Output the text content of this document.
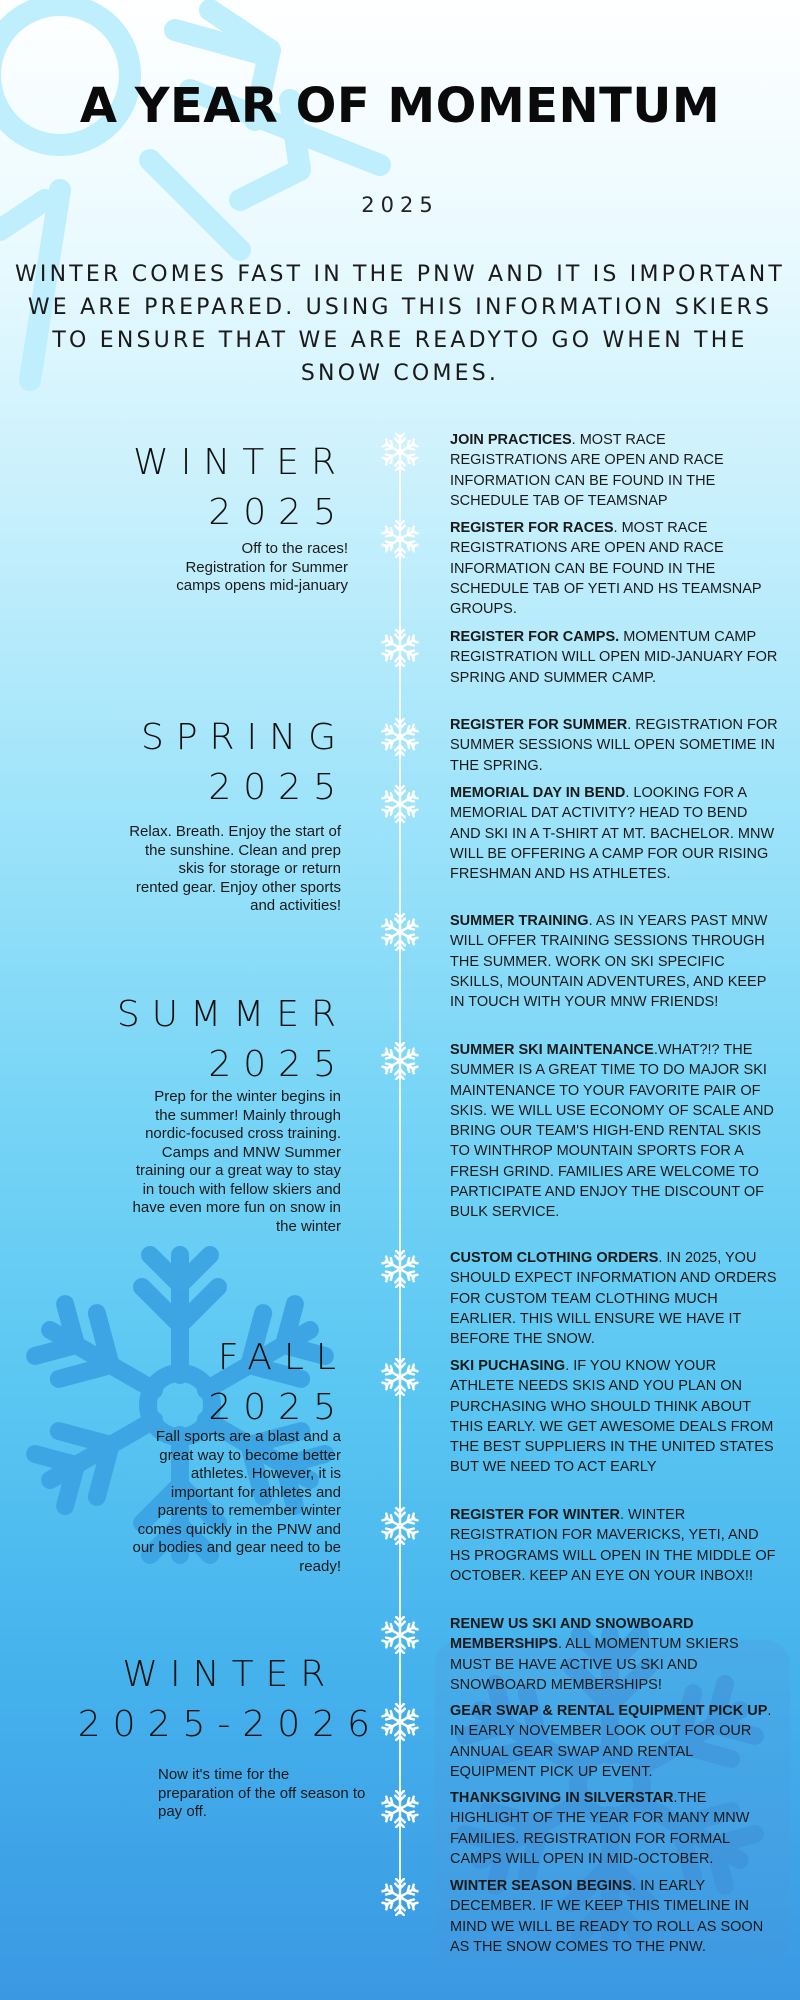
A YEAR OF MOMENTUM
2025
WINTER COMES FAST IN THE PNW AND IT IS IMPORTANT WE ARE PREPARED. USING THIS INFORMATION SKIERS TO ENSURE THAT WE ARE READYTO GO WHEN THE SNOW COMES.
WINTER
2025
Off to the races!
Registration for Summer
camps opens mid-january
SPRING
2025
Relax. Breath. Enjoy the start of
the sunshine. Clean and prep
skis for storage or return
rented gear. Enjoy other sports
and activities!
SUMMER
2025
Prep for the winter begins in
the summer! Mainly through
nordic-focused cross training.
Camps and MNW Summer
training our a great way to stay
in touch with fellow skiers and
have even more fun on snow in
the winter
FALL
2025
Fall sports are a blast and a
great way to become better
athletes. However, it is
important for athletes and
parents to remember winter
comes quickly in the PNW and
our bodies and gear need to be
ready!
WINTER
2025-2026
Now it's time for the
preparation of the off season to
pay off.
JOIN PRACTICES. MOST RACE REGISTRATIONS ARE OPEN AND RACE INFORMATION CAN BE FOUND IN THE SCHEDULE TAB OF TEAMSNAP
REGISTER FOR RACES. MOST RACE REGISTRATIONS ARE OPEN AND RACE INFORMATION CAN BE FOUND IN THE SCHEDULE TAB OF YETI AND HS TEAMSNAP GROUPS.
REGISTER FOR CAMPS. MOMENTUM CAMP REGISTRATION WILL OPEN MID-JANUARY FOR SPRING AND SUMMER CAMP.
REGISTER FOR SUMMER. REGISTRATION FOR SUMMER SESSIONS WILL OPEN SOMETIME IN THE SPRING.
MEMORIAL DAY IN BEND. LOOKING FOR A MEMORIAL DAT ACTIVITY? HEAD TO BEND AND SKI IN A T-SHIRT AT MT. BACHELOR. MNW WILL BE OFFERING A CAMP FOR OUR RISING FRESHMAN AND HS ATHLETES.
SUMMER TRAINING. AS IN YEARS PAST MNW WILL OFFER TRAINING SESSIONS THROUGH THE SUMMER. WORK ON SKI SPECIFIC SKILLS, MOUNTAIN ADVENTURES, AND KEEP IN TOUCH WITH YOUR MNW FRIENDS!
SUMMER SKI MAINTENANCE.WHAT?!? THE SUMMER IS A GREAT TIME TO DO MAJOR SKI MAINTENANCE TO YOUR FAVORITE PAIR OF SKIS. WE WILL USE ECONOMY OF SCALE AND BRING OUR TEAM'S HIGH-END RENTAL SKIS TO WINTHROP MOUNTAIN SPORTS FOR A FRESH GRIND. FAMILIES ARE WELCOME TO PARTICIPATE AND ENJOY THE DISCOUNT OF BULK SERVICE.
CUSTOM CLOTHING ORDERS. IN 2025, YOU SHOULD EXPECT INFORMATION AND ORDERS FOR CUSTOM TEAM CLOTHING MUCH EARLIER. THIS WILL ENSURE WE HAVE IT BEFORE THE SNOW.
SKI PUCHASING. IF YOU KNOW YOUR ATHLETE NEEDS SKIS AND YOU PLAN ON PURCHASING WHO SHOULD THINK ABOUT THIS EARLY. WE GET AWESOME DEALS FROM THE BEST SUPPLIERS IN THE UNITED STATES BUT WE NEED TO ACT EARLY
REGISTER FOR WINTER. WINTER REGISTRATION FOR MAVERICKS, YETI, AND HS PROGRAMS WILL OPEN IN THE MIDDLE OF OCTOBER. KEEP AN EYE ON YOUR INBOX!!
RENEW US SKI AND SNOWBOARD MEMBERSHIPS. ALL MOMENTUM SKIERS MUST BE HAVE ACTIVE US SKI AND SNOWBOARD MEMBERSHIPS!
GEAR SWAP & RENTAL EQUIPMENT PICK UP. IN EARLY NOVEMBER LOOK OUT FOR OUR ANNUAL GEAR SWAP AND RENTAL EQUIPMENT PICK UP EVENT.
THANKSGIVING IN SILVERSTAR.THE HIGHLIGHT OF THE YEAR FOR MANY MNW FAMILIES. REGISTRATION FOR FORMAL CAMPS WILL OPEN IN MID-OCTOBER.
WINTER SEASON BEGINS. IN EARLY DECEMBER. IF WE KEEP THIS TIMELINE IN MIND WE WILL BE READY TO ROLL AS SOON AS THE SNOW COMES TO THE PNW.
